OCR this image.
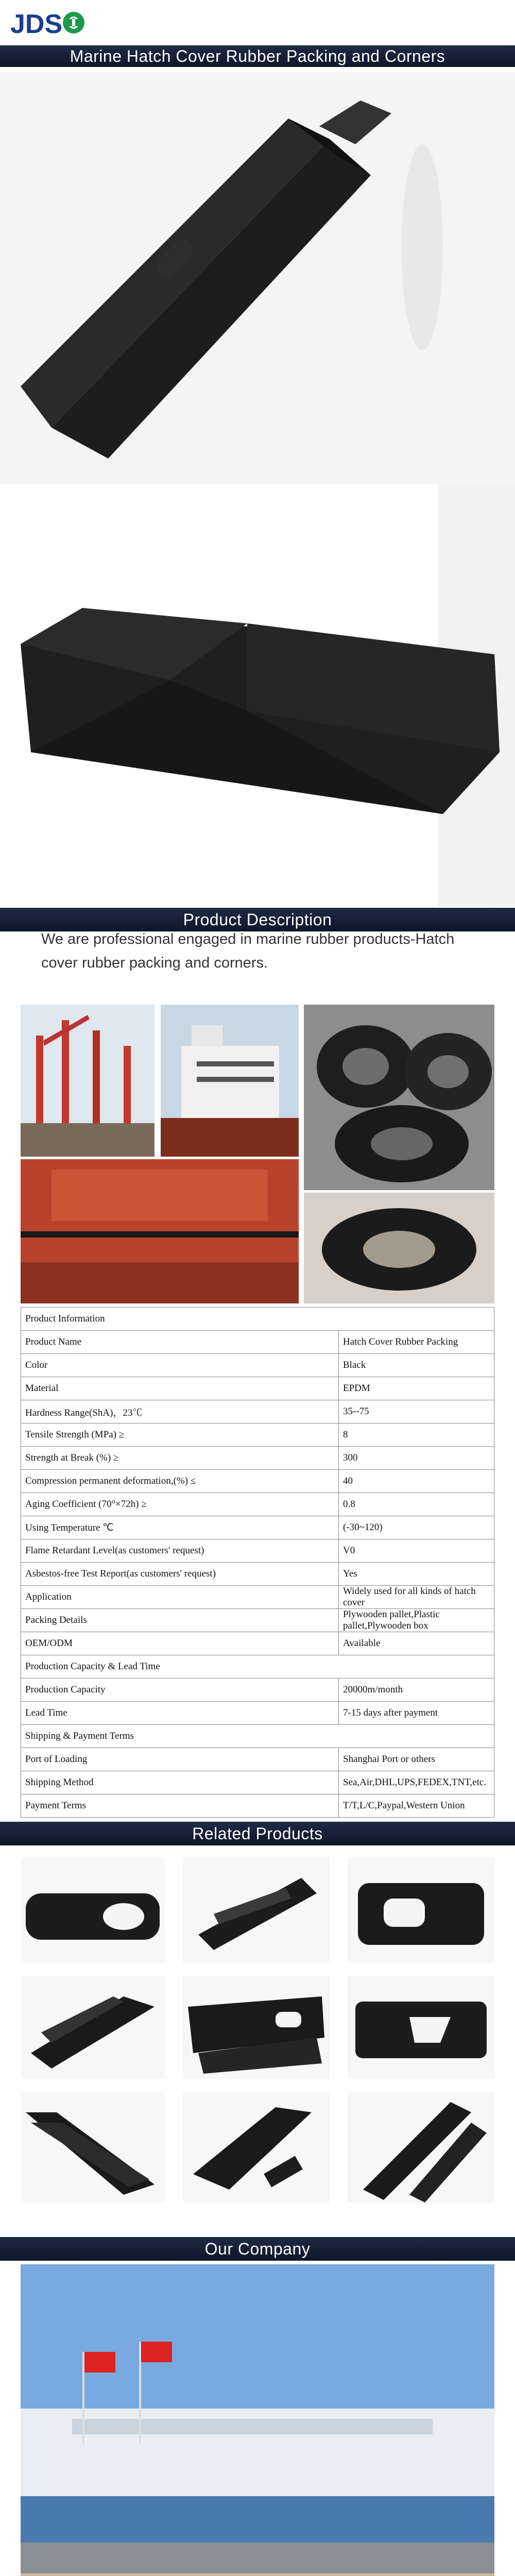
JDS
Marine Hatch Cover Rubber Packing and Corners
Product Description

We are professional engaged in marine rubber products-Hatch cover rubber packing and corners.

Product Information	
Product Name	Hatch Cover Rubber Packing
Color	Black
Material	EPDM
Hardness Range(ShA)，23℃	35--75
Tensile Strength (MPa) ≥	8
Strength at Break (%) ≥	300
Compression permanent deformation,(%) ≤	40
Aging Coefficient (70°×72h) ≥	0.8
Using Temperature ℃	(-30~120)
Flame Retardant Level(as customers' request)	V0
Asbestos-free Test Report(as customers' request)	Yes
Application	Widely used for all kinds of hatch cover
Packing Details	Plywooden pallet,Plastic pallet,Plywooden box
OEM/ODM	Available
Production Capacity & Lead Time	
Production Capacity	20000m/month
Lead Time	7-15 days after payment
Shipping & Payment Terms	
Port of Loading	Shanghai Port or others
Shipping Method	Sea,Air,DHL,UPS,FEDEX,TNT,etc.
Payment Terms	T/T,L/C,Paypal,Western Union
Related Products
Our Company
